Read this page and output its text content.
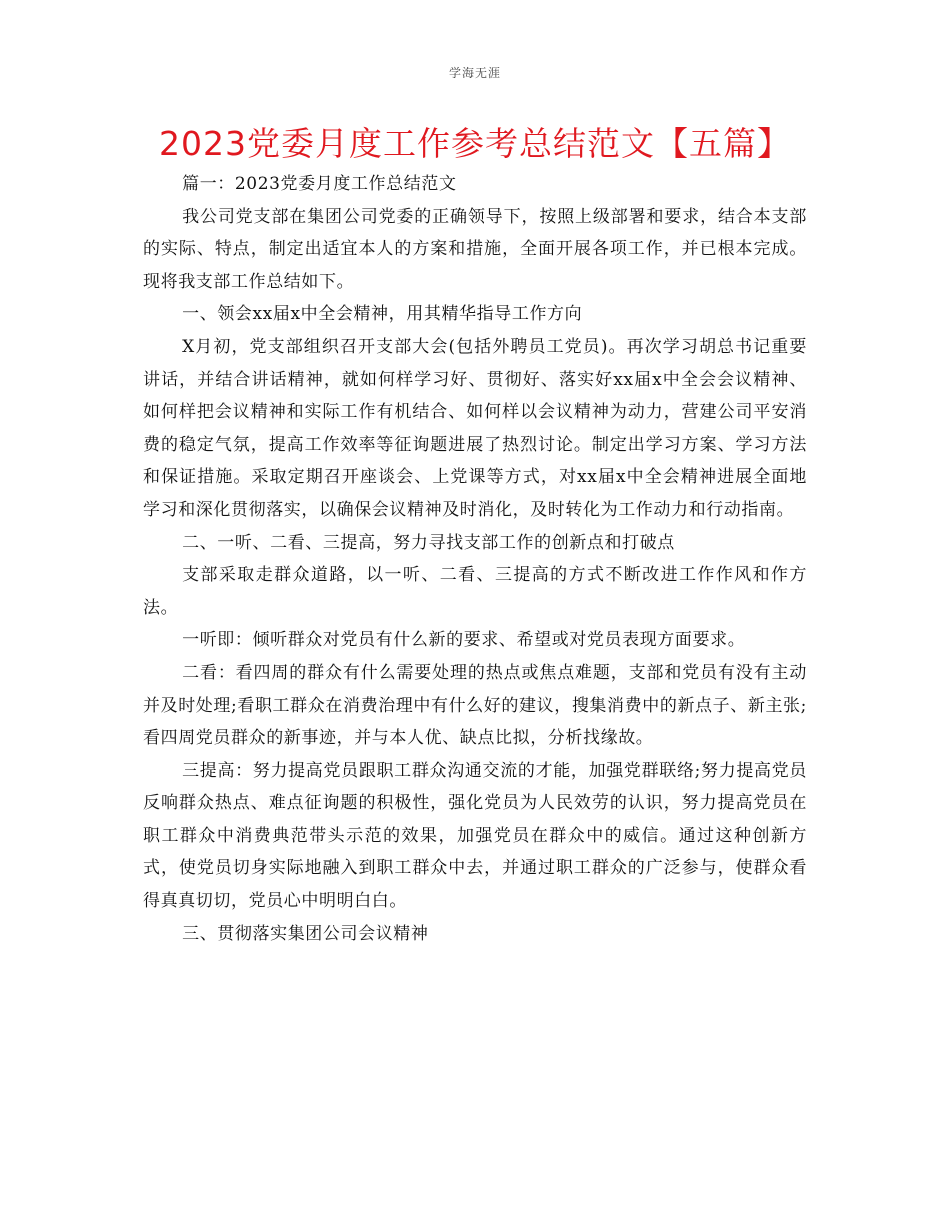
学海无涯
2023党委月度工作参考总结范文【五篇】

篇一：2023党委月度工作总结范文

我公司党支部在集团公司党委的正确领导下，按照上级部署和要求，结合本支部的实际、特点，制定出适宜本人的方案和措施，全面开展各项工作，并已根本完成。现将我支部工作总结如下。

一、领会xx届x中全会精神，用其精华指导工作方向

X月初，党支部组织召开支部大会(包括外聘员工党员)。再次学习胡总书记重要讲话，并结合讲话精神，就如何样学习好、贯彻好、落实好xx届x中全会会议精神、如何样把会议精神和实际工作有机结合、如何样以会议精神为动力，营建公司平安消费的稳定气氛，提高工作效率等征询题进展了热烈讨论。制定出学习方案、学习方法和保证措施。采取定期召开座谈会、上党课等方式，对xx届x中全会精神进展全面地学习和深化贯彻落实，以确保会议精神及时消化，及时转化为工作动力和行动指南。

二、一听、二看、三提高，努力寻找支部工作的创新点和打破点

支部采取走群众道路，以一听、二看、三提高的方式不断改进工作作风和作方法。

一听即：倾听群众对党员有什么新的要求、希望或对党员表现方面要求。

二看：看四周的群众有什么需要处理的热点或焦点难题，支部和党员有没有主动并及时处理;看职工群众在消费治理中有什么好的建议，搜集消费中的新点子、新主张;看四周党员群众的新事迹，并与本人优、缺点比拟，分析找缘故。

三提高：努力提高党员跟职工群众沟通交流的才能，加强党群联络;努力提高党员反响群众热点、难点征询题的积极性，强化党员为人民效劳的认识，努力提高党员在职工群众中消费典范带头示范的效果，加强党员在群众中的威信。通过这种创新方式，使党员切身实际地融入到职工群众中去，并通过职工群众的广泛参与，使群众看得真真切切，党员心中明明白白。

三、贯彻落实集团公司会议精神
